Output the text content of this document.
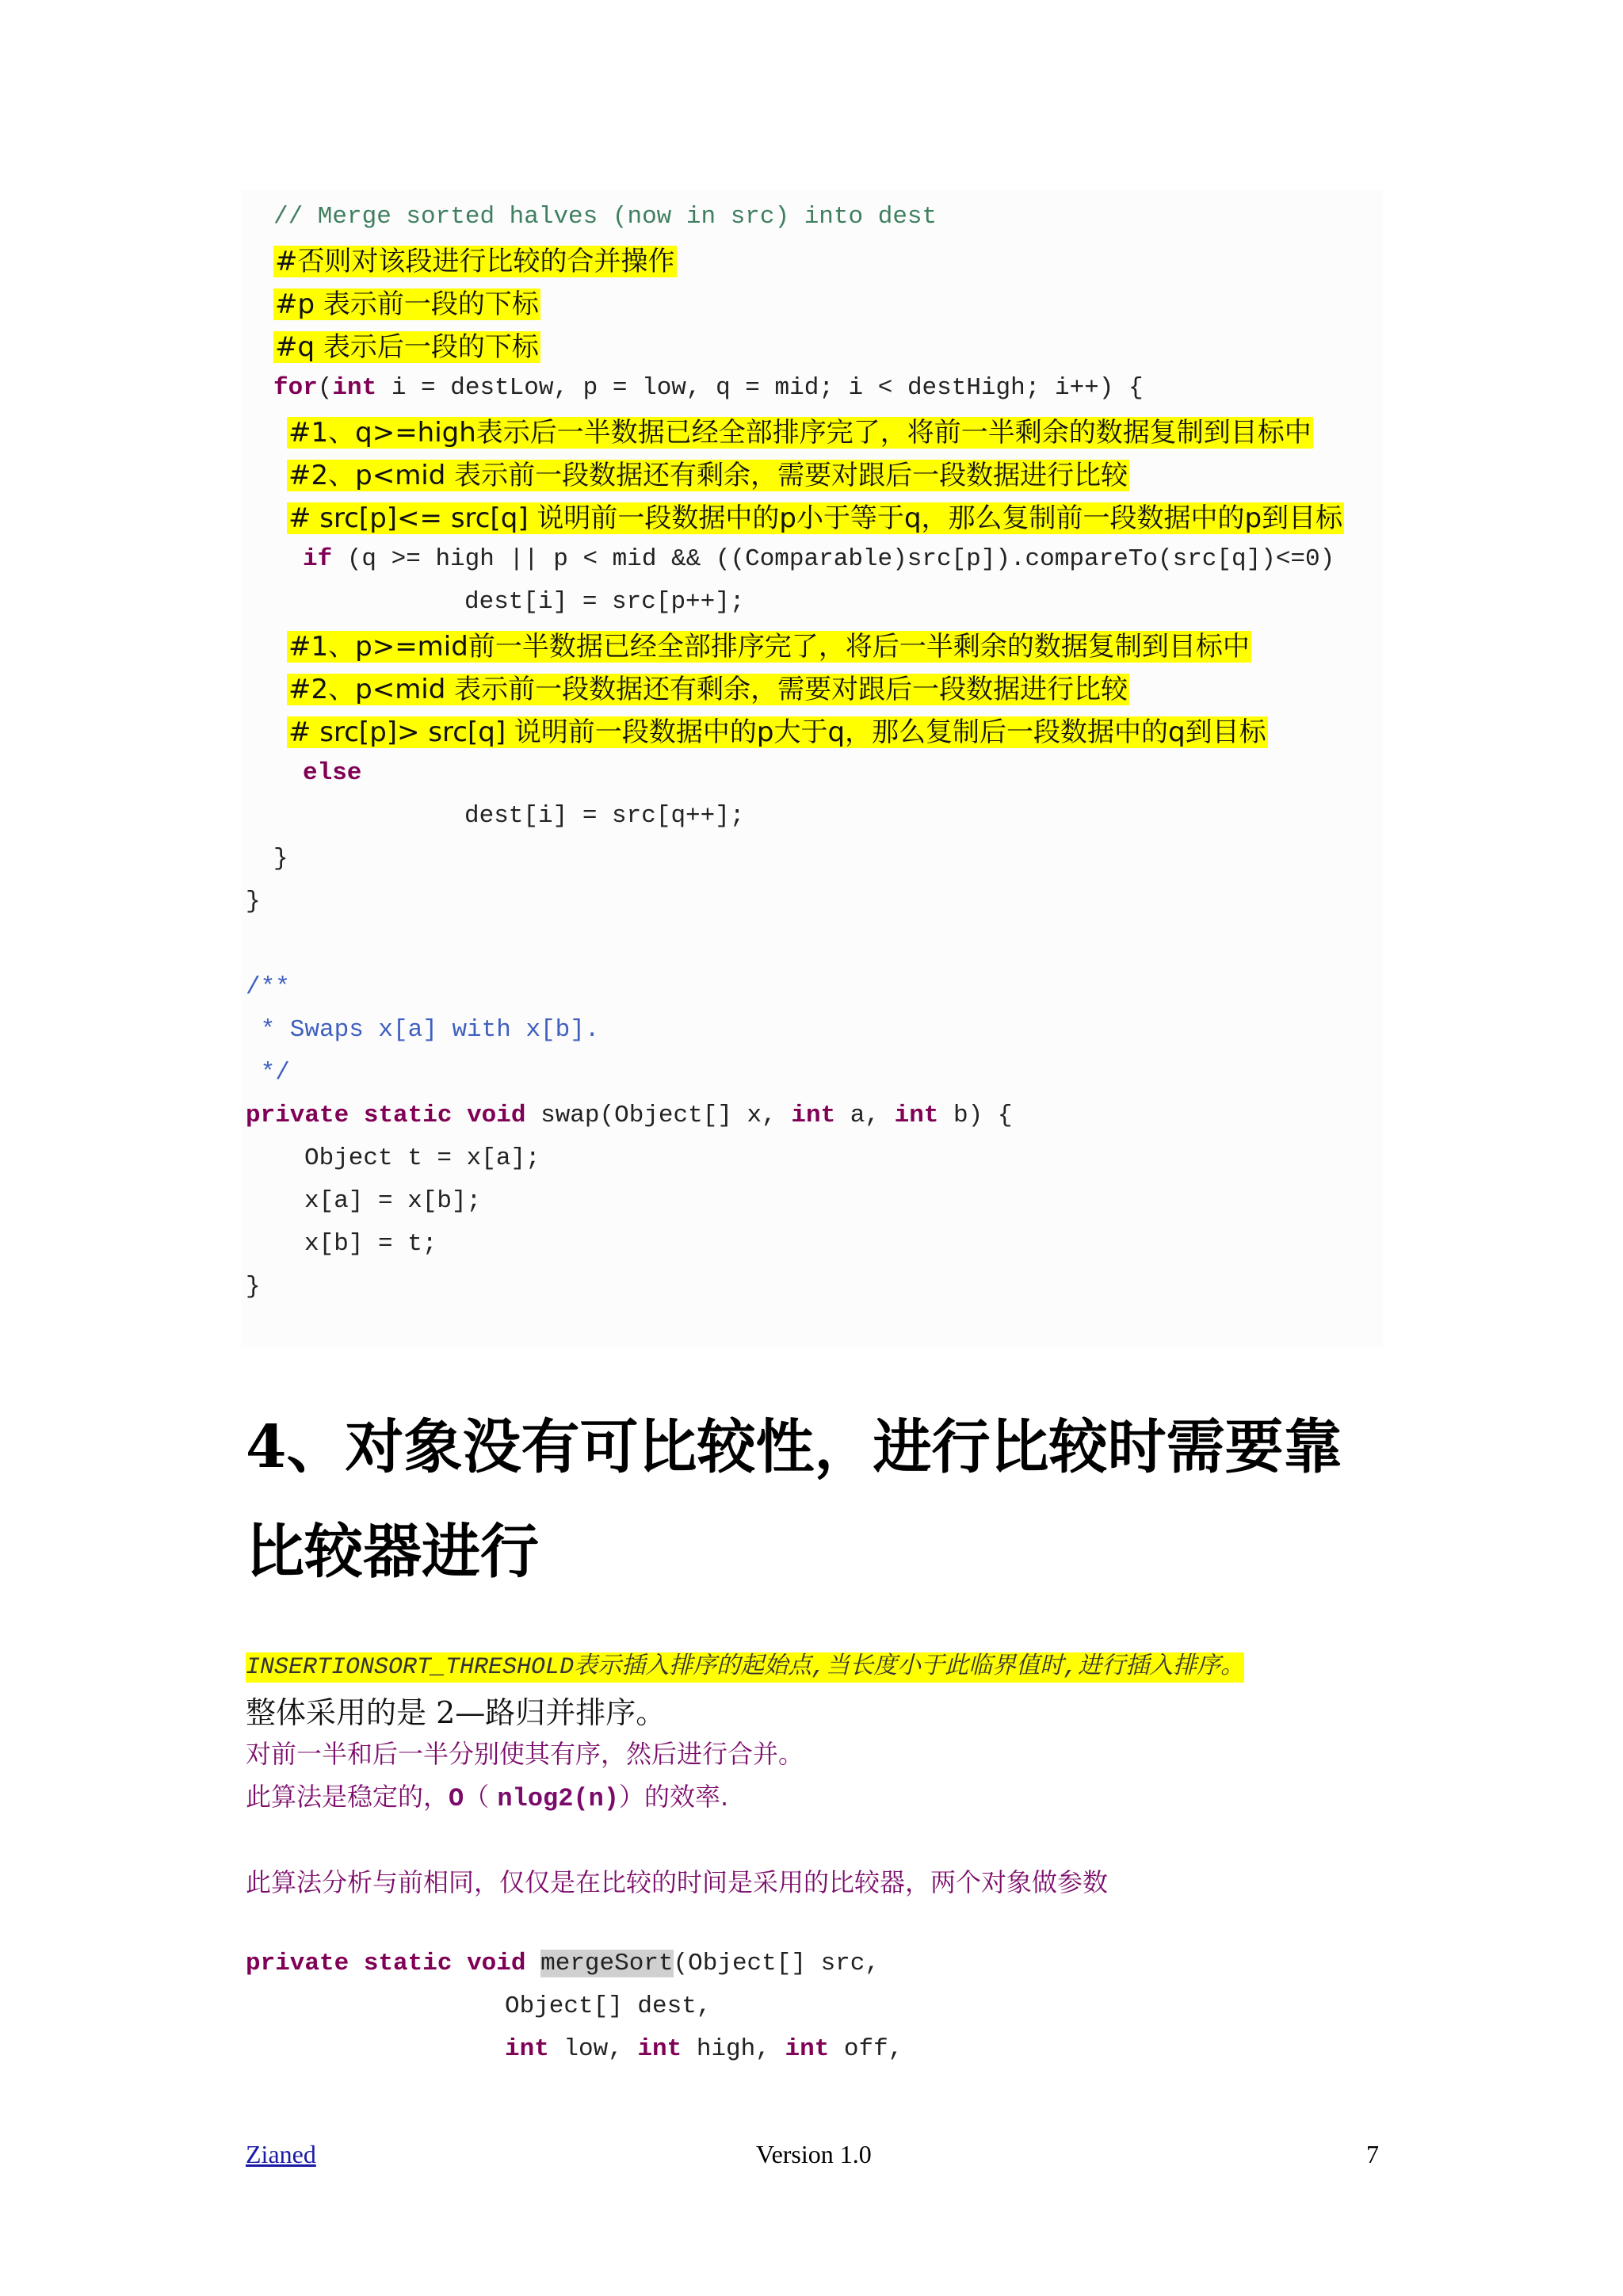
// Merge sorted halves (now in src) into dest

#否则对该段进行比较的合并操作

#p 表示前一段的下标

#q 表示后一段的下标

for(int i = destLow, p = low, q = mid; i < destHigh; i++) {

#1、q>=high表示后一半数据已经全部排序完了，将前一半剩余的数据复制到目标中

#2、p<mid 表示前一段数据还有剩余，需要对跟后一段数据进行比较

# src[p]<= src[q] 说明前一段数据中的p小于等于q，那么复制前一段数据中的p到目标

if (q >= high || p < mid && ((Comparable)src[p]).compareTo(src[q])<=0)

dest[i] = src[p++];

#1、p>=mid前一半数据已经全部排序完了，将后一半剩余的数据复制到目标中

#2、p<mid 表示前一段数据还有剩余，需要对跟后一段数据进行比较

# src[p]> src[q] 说明前一段数据中的p大于q，那么复制后一段数据中的q到目标

else

dest[i] = src[q++];

}

}

/**

* Swaps x[a] with x[b].

*/

private static void swap(Object[] x, int a, int b) {

Object t = x[a];

x[a] = x[b];

x[b] = t;

}

4、对象没有可比较性，进行比较时需要靠
比较器进行
INSERTIONSORT_THRESHOLD表示插入排序的起始点,当长度小于此临界值时,进行插入排序。
整体采用的是 2—路归并排序。
对前一半和后一半分别使其有序，然后进行合并。
此算法是稳定的，O（ nlog2(n)）的效率.
此算法分析与前相同，仅仅是在比较的时间是采用的比较器，两个对象做参数

private static void mergeSort(Object[] src,

Object[] dest,

int low, int high, int off,

Zianed	Version 1.0	7
